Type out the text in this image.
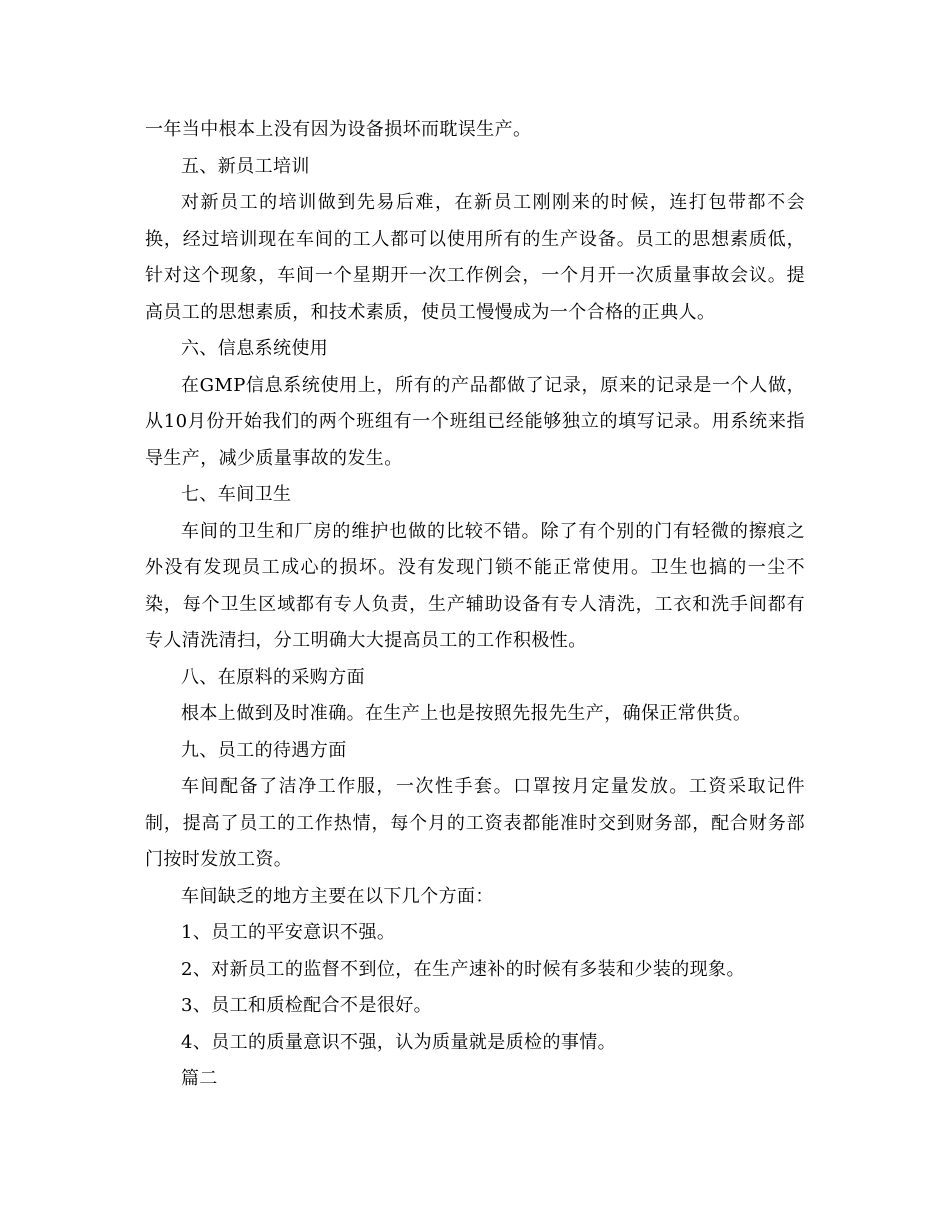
一年当中根本上没有因为设备损坏而耽误生产。

五、新员工培训

对新员工的培训做到先易后难，在新员工刚刚来的时候，连打包带都不会换，经过培训现在车间的工人都可以使用所有的生产设备。员工的思想素质低，针对这个现象，车间一个星期开一次工作例会，一个月开一次质量事故会议。提高员工的思想素质，和技术素质，使员工慢慢成为一个合格的正典人。

六、信息系统使用

在GMP信息系统使用上，所有的产品都做了记录，原来的记录是一个人做，从10月份开始我们的两个班组有一个班组已经能够独立的填写记录。用系统来指导生产，减少质量事故的发生。

七、车间卫生

车间的卫生和厂房的维护也做的比较不错。除了有个别的门有轻微的擦痕之外没有发现员工成心的损坏。没有发现门锁不能正常使用。卫生也搞的一尘不染，每个卫生区域都有专人负责，生产辅助设备有专人清洗，工衣和洗手间都有专人清洗清扫，分工明确大大提高员工的工作积极性。

八、在原料的采购方面

根本上做到及时准确。在生产上也是按照先报先生产，确保正常供货。

九、员工的待遇方面

车间配备了洁净工作服，一次性手套。口罩按月定量发放。工资采取记件制，提高了员工的工作热情，每个月的工资表都能准时交到财务部，配合财务部门按时发放工资。

车间缺乏的地方主要在以下几个方面：

1、员工的平安意识不强。

2、对新员工的监督不到位，在生产速补的时候有多装和少装的现象。

3、员工和质检配合不是很好。

4、员工的质量意识不强，认为质量就是质检的事情。

篇二
